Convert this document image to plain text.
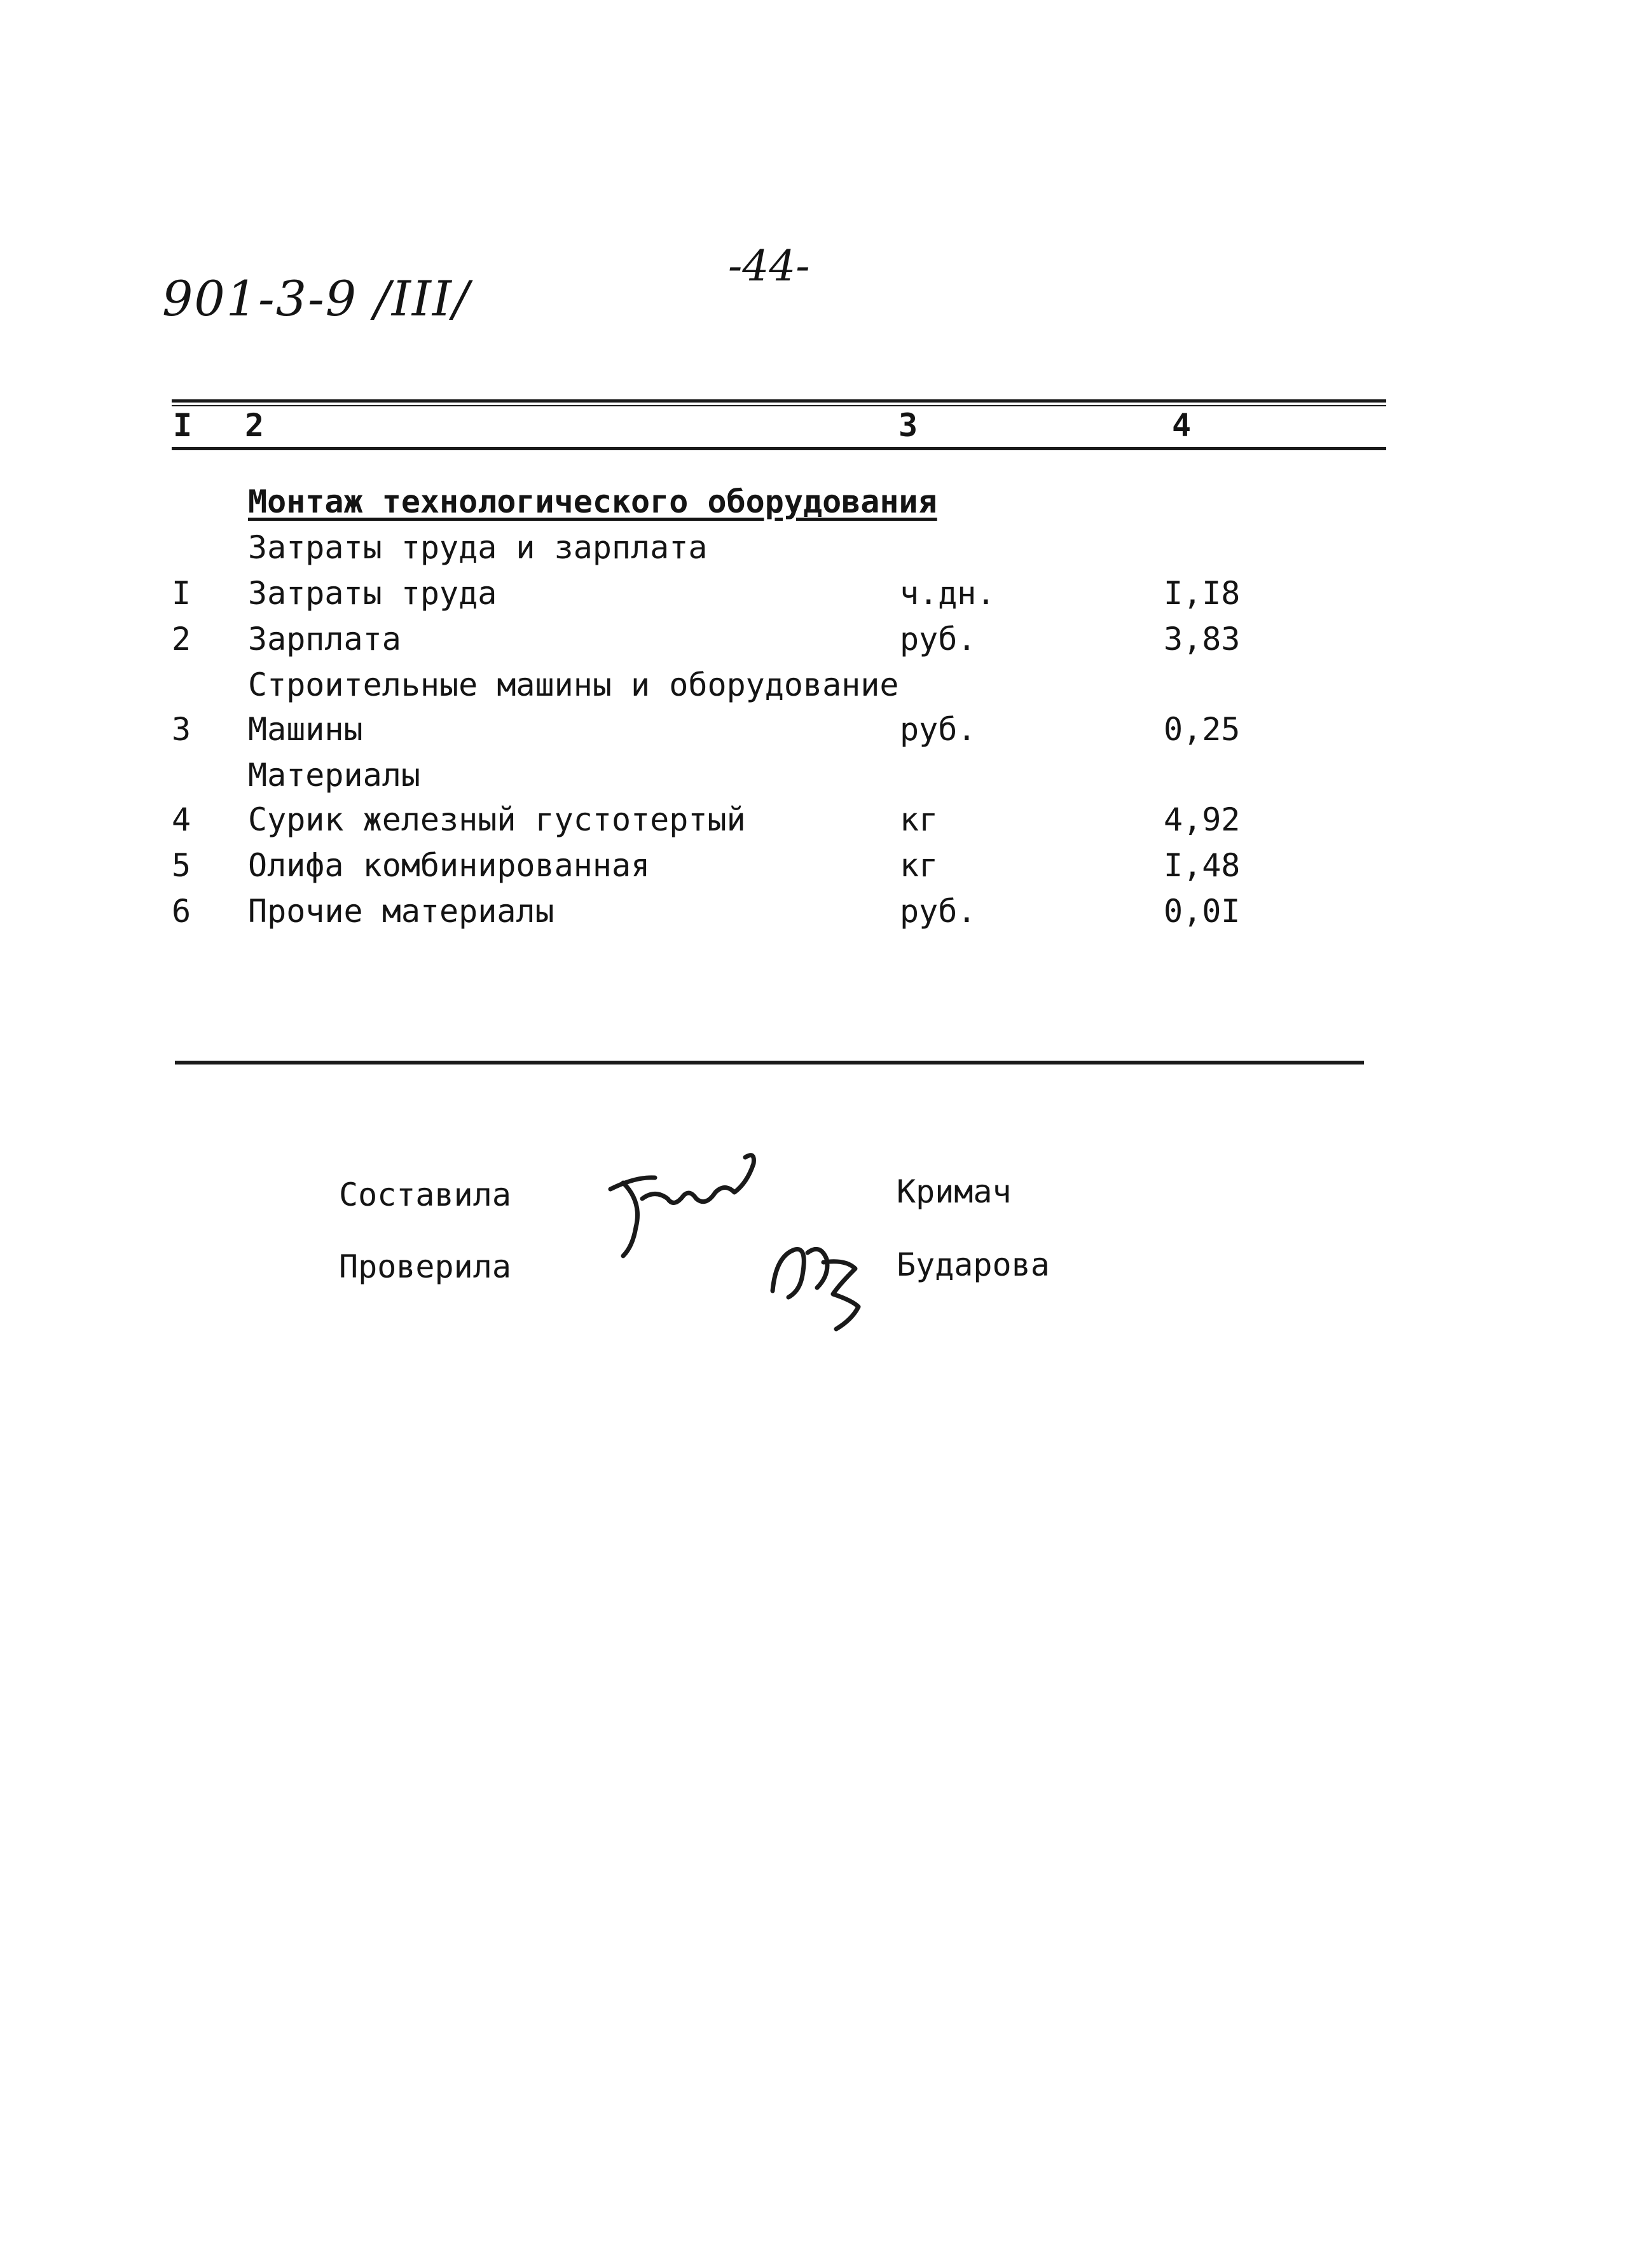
901-3-9 /III/
-44-
I 2	3	4
Монтаж технологического оборудования
Затраты труда и зарплата
I Затраты труда	ч.дн.	I,I8
2 Зарплата	руб.	3,83
Строительные машины и оборудование
3 Машины	руб.	0,25
Материалы
4 Сурик железный густотертый	кг	4,92
5 Олифа комбинированная	кг	I,48
6 Прочие материалы	руб.	0,0I
Составила	Кримач
Проверила	Бударова
